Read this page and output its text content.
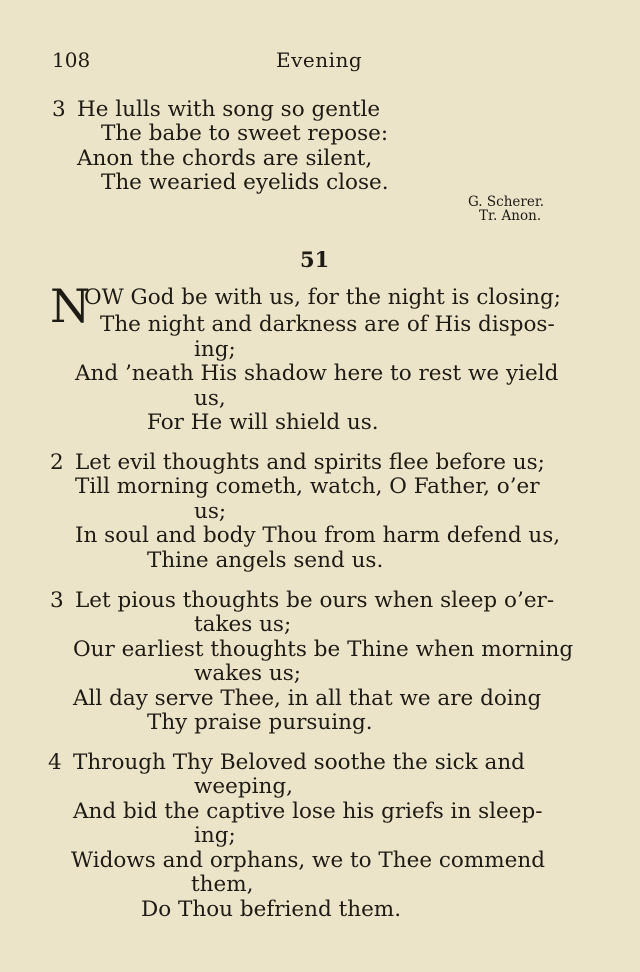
108	Evening
3 He lulls with song so gentle
The babe to sweet repose:
Anon the chords are silent,
The wearied eyelids close.
G. Scherer.
Tr. Anon.
51
N
OW God be with us, for the night is closing;
The night and darkness are of His dispos-
ing;
And ’neath His shadow here to rest we yield
us,
For He will shield us.
2 Let evil thoughts and spirits flee before us;
Till morning cometh, watch, O Father, o’er
us;
In soul and body Thou from harm defend us,
Thine angels send us.
3 Let pious thoughts be ours when sleep o’er-
takes us;
Our earliest thoughts be Thine when morning
wakes us;
All day serve Thee, in all that we are doing
Thy praise pursuing.
4 Through Thy Beloved soothe the sick and
weeping,
And bid the captive lose his griefs in sleep-
ing;
Widows and orphans, we to Thee commend
them,
Do Thou befriend them.
